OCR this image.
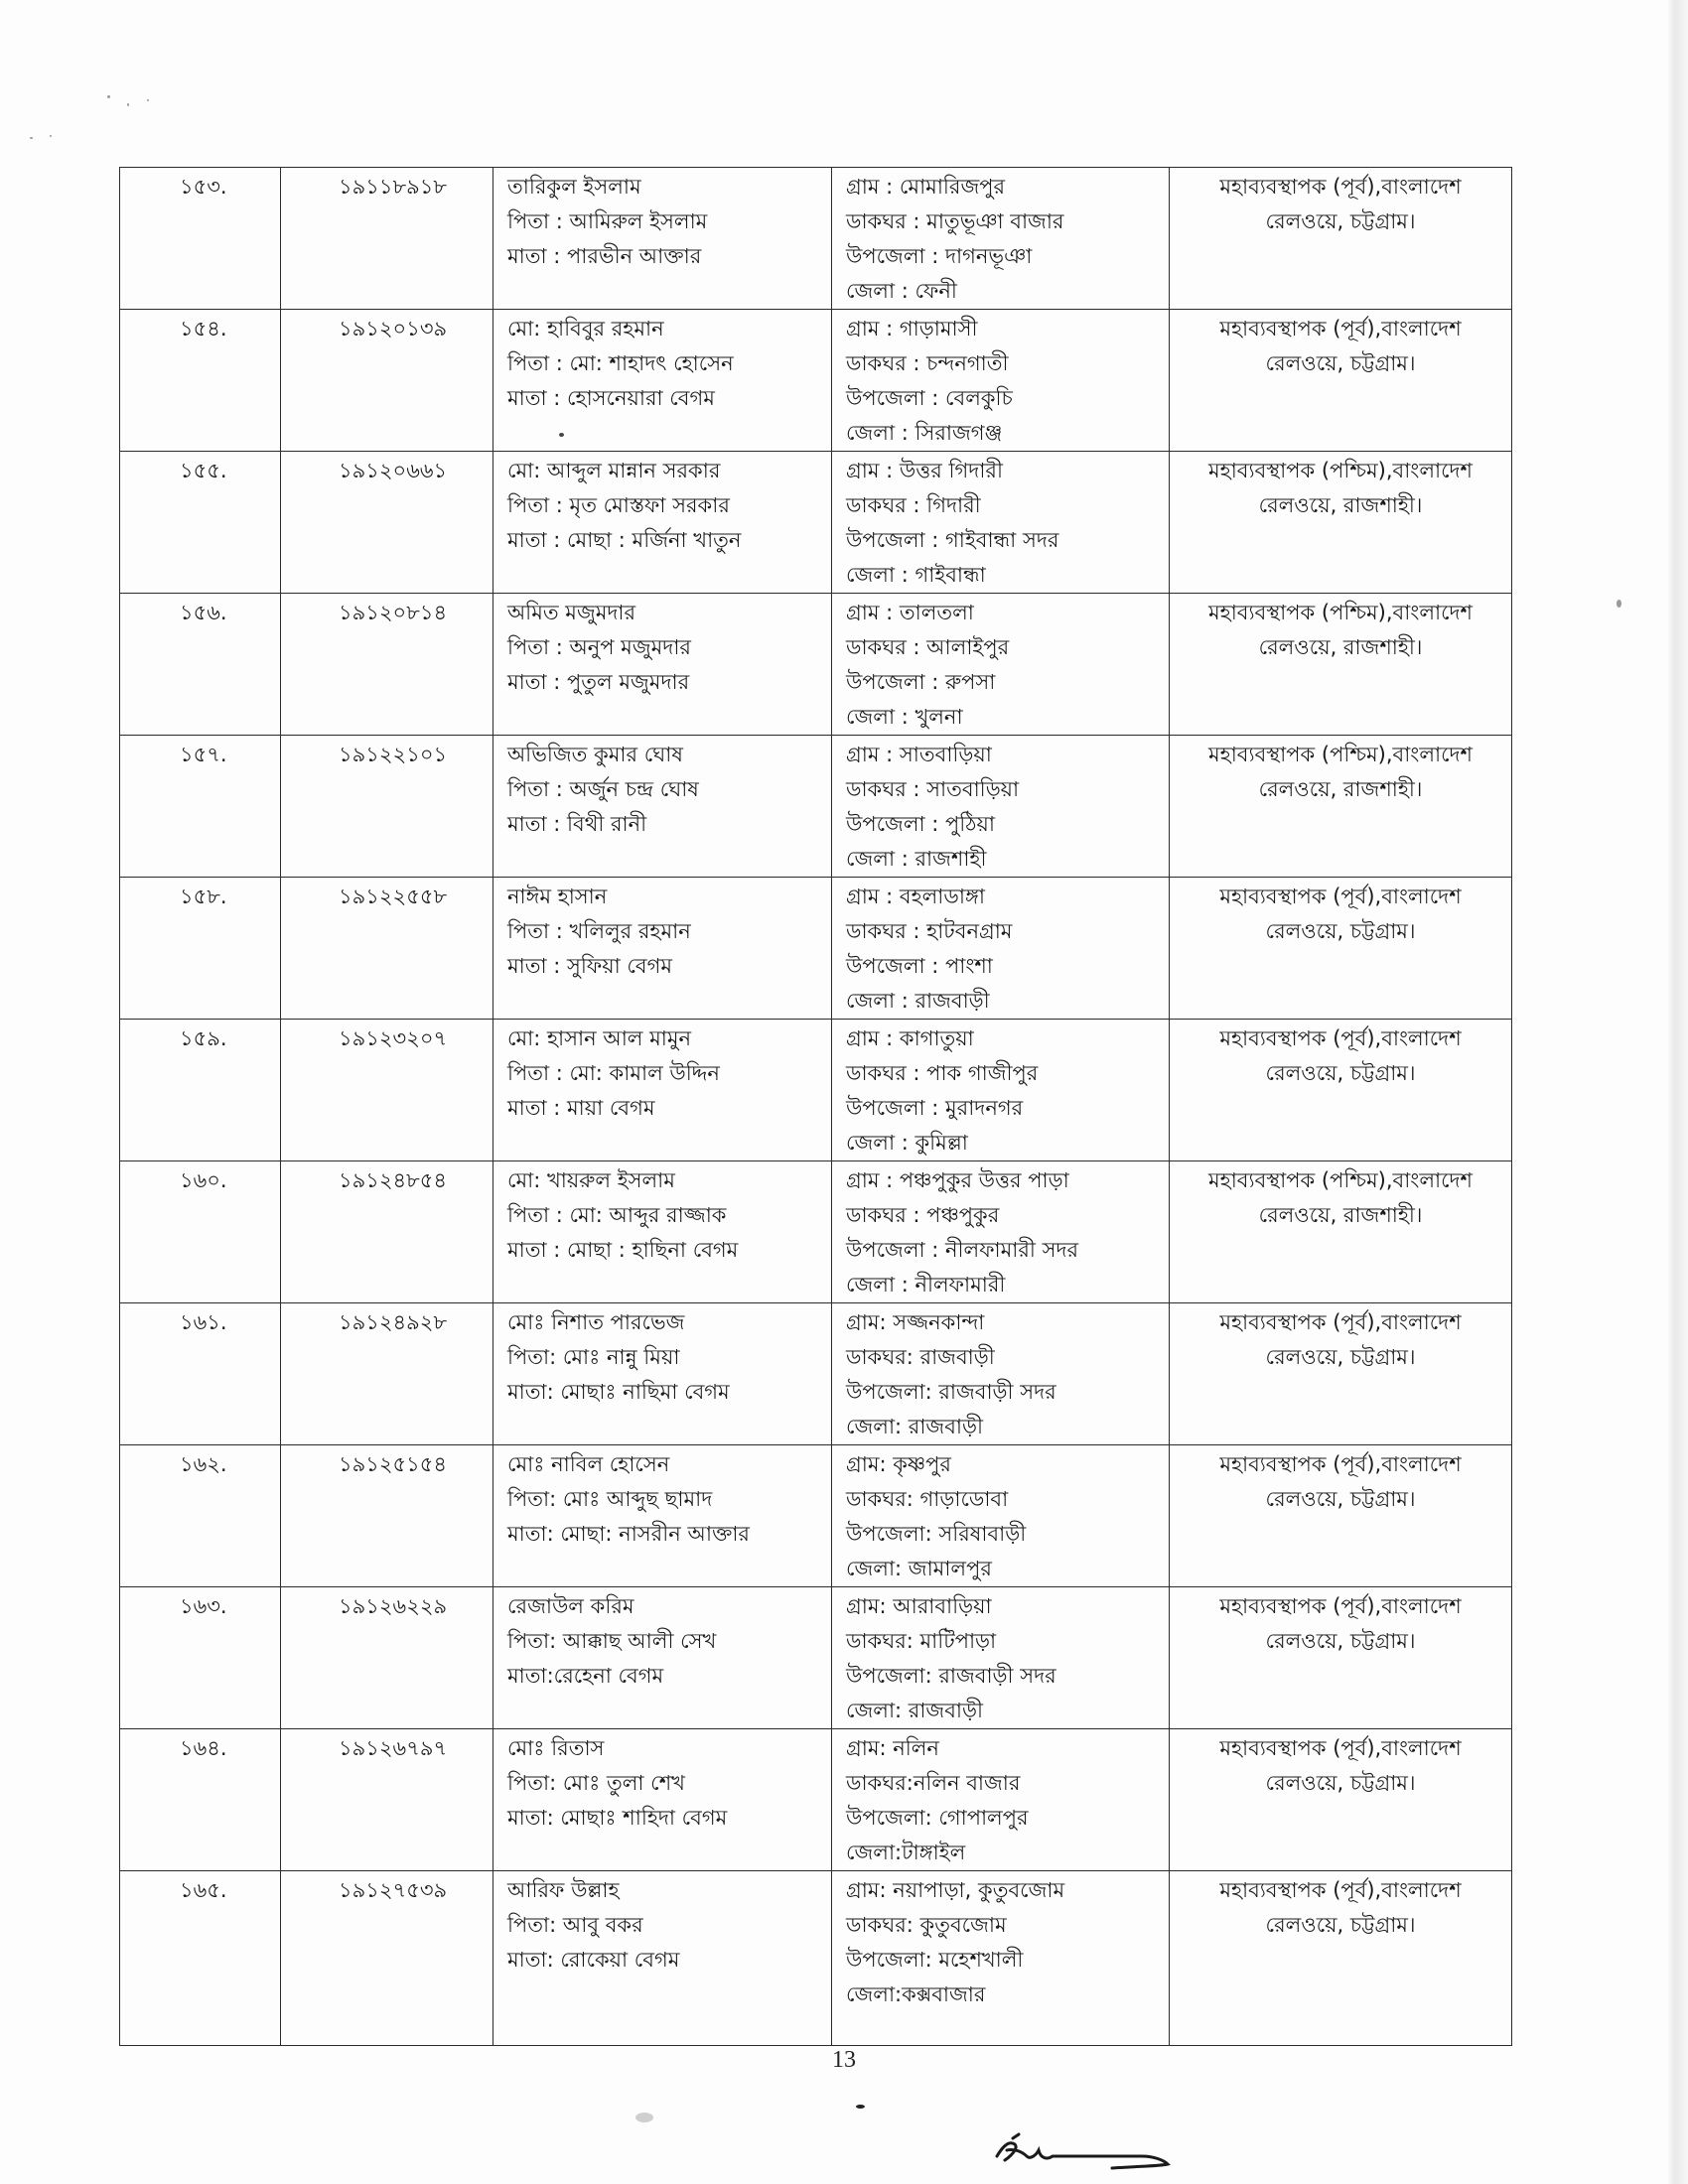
১৫৩.	১৯১১৮৯১৮	তারিকুল ইসলাম
পিতা : আমিরুল ইসলাম
মাতা : পারভীন আক্তার	গ্রাম : মোমারিজপুর
ডাকঘর : মাতুভূঞা বাজার
উপজেলা : দাগনভূঞা
জেলা : ফেনী	মহাব্যবস্থাপক (পূর্ব),বাংলাদেশ
রেলওয়ে, চট্টগ্রাম।

১৫৪.	১৯১২০১৩৯	মো: হাবিবুর রহমান
পিতা : মো: শাহাদৎ হোসেন
মাতা : হোসনেয়ারা বেগম	গ্রাম : গাড়ামাসী
ডাকঘর : চন্দনগাতী
উপজেলা : বেলকুচি
জেলা : সিরাজগঞ্জ	মহাব্যবস্থাপক (পূর্ব),বাংলাদেশ
রেলওয়ে, চট্টগ্রাম।

১৫৫.	১৯১২০৬৬১	মো: আব্দুল মান্নান সরকার
পিতা : মৃত মোস্তফা সরকার
মাতা : মোছা : মর্জিনা খাতুন	গ্রাম : উত্তর গিদারী
ডাকঘর : গিদারী
উপজেলা : গাইবান্ধা সদর
জেলা : গাইবান্ধা	মহাব্যবস্থাপক (পশ্চিম),বাংলাদেশ
রেলওয়ে, রাজশাহী।

১৫৬.	১৯১২০৮১৪	অমিত মজুমদার
পিতা : অনুপ মজুমদার
মাতা : পুতুল মজুমদার	গ্রাম : তালতলা
ডাকঘর : আলাইপুর
উপজেলা : রুপসা
জেলা : খুলনা	মহাব্যবস্থাপক (পশ্চিম),বাংলাদেশ
রেলওয়ে, রাজশাহী।

১৫৭.	১৯১২২১০১	অভিজিত কুমার ঘোষ
পিতা : অর্জুন চন্দ্র ঘোষ
মাতা : বিথী রানী	গ্রাম : সাতবাড়িয়া
ডাকঘর : সাতবাড়িয়া
উপজেলা : পুঠিয়া
জেলা : রাজশাহী	মহাব্যবস্থাপক (পশ্চিম),বাংলাদেশ
রেলওয়ে, রাজশাহী।

১৫৮.	১৯১২২৫৫৮	নাঈম হাসান
পিতা : খলিলুর রহমান
মাতা : সুফিয়া বেগম	গ্রাম : বহলাডাঙ্গা
ডাকঘর : হাটবনগ্রাম
উপজেলা : পাংশা
জেলা : রাজবাড়ী	মহাব্যবস্থাপক (পূর্ব),বাংলাদেশ
রেলওয়ে, চট্টগ্রাম।

১৫৯.	১৯১২৩২০৭	মো: হাসান আল মামুন
পিতা : মো: কামাল উদ্দিন
মাতা : মায়া বেগম	গ্রাম : কাগাতুয়া
ডাকঘর : পাক গাজীপুর
উপজেলা : মুরাদনগর
জেলা : কুমিল্লা	মহাব্যবস্থাপক (পূর্ব),বাংলাদেশ
রেলওয়ে, চট্টগ্রাম।

১৬০.	১৯১২৪৮৫৪	মো: খায়রুল ইসলাম
পিতা : মো: আব্দুর রাজ্জাক
মাতা : মোছা : হাছিনা বেগম	গ্রাম : পঞ্চপুকুর উত্তর পাড়া
ডাকঘর : পঞ্চপুকুর
উপজেলা : নীলফামারী সদর
জেলা : নীলফামারী	মহাব্যবস্থাপক (পশ্চিম),বাংলাদেশ
রেলওয়ে, রাজশাহী।

১৬১.	১৯১২৪৯২৮	মোঃ নিশাত পারভেজ
পিতা: মোঃ নান্নু মিয়া
মাতা: মোছাঃ নাছিমা বেগম	গ্রাম: সজ্জনকান্দা
ডাকঘর: রাজবাড়ী
উপজেলা: রাজবাড়ী সদর
জেলা: রাজবাড়ী	মহাব্যবস্থাপক (পূর্ব),বাংলাদেশ
রেলওয়ে, চট্টগ্রাম।

১৬২.	১৯১২৫১৫৪	মোঃ নাবিল হোসেন
পিতা: মোঃ আব্দুছ ছামাদ
মাতা: মোছা: নাসরীন আক্তার	গ্রাম: কৃষ্ণপুর
ডাকঘর: গাড়াডোবা
উপজেলা: সরিষাবাড়ী
জেলা: জামালপুর	মহাব্যবস্থাপক (পূর্ব),বাংলাদেশ
রেলওয়ে, চট্টগ্রাম।

১৬৩.	১৯১২৬২২৯	রেজাউল করিম
পিতা: আক্কাছ আলী সেখ
মাতা:রেহেনা বেগম	গ্রাম: আরাবাড়িয়া
ডাকঘর: মাটিপাড়া
উপজেলা: রাজবাড়ী সদর
জেলা: রাজবাড়ী	মহাব্যবস্থাপক (পূর্ব),বাংলাদেশ
রেলওয়ে, চট্টগ্রাম।

১৬৪.	১৯১২৬৭৯৭	মোঃ রিতাস
পিতা: মোঃ তুলা শেখ
মাতা: মোছাঃ শাহিদা বেগম	গ্রাম: নলিন
ডাকঘর:নলিন বাজার
উপজেলা: গোপালপুর
জেলা:টাঙ্গাইল	মহাব্যবস্থাপক (পূর্ব),বাংলাদেশ
রেলওয়ে, চট্টগ্রাম।

১৬৫.	১৯১২৭৫৩৯	আরিফ উল্লাহ
পিতা: আবু বকর
মাতা: রোকেয়া বেগম	গ্রাম: নয়াপাড়া, কুতুবজোম
ডাকঘর: কুতুবজোম
উপজেলা: মহেশখালী
জেলা:কক্সবাজার	মহাব্যবস্থাপক (পূর্ব),বাংলাদেশ
রেলওয়ে, চট্টগ্রাম।
13
